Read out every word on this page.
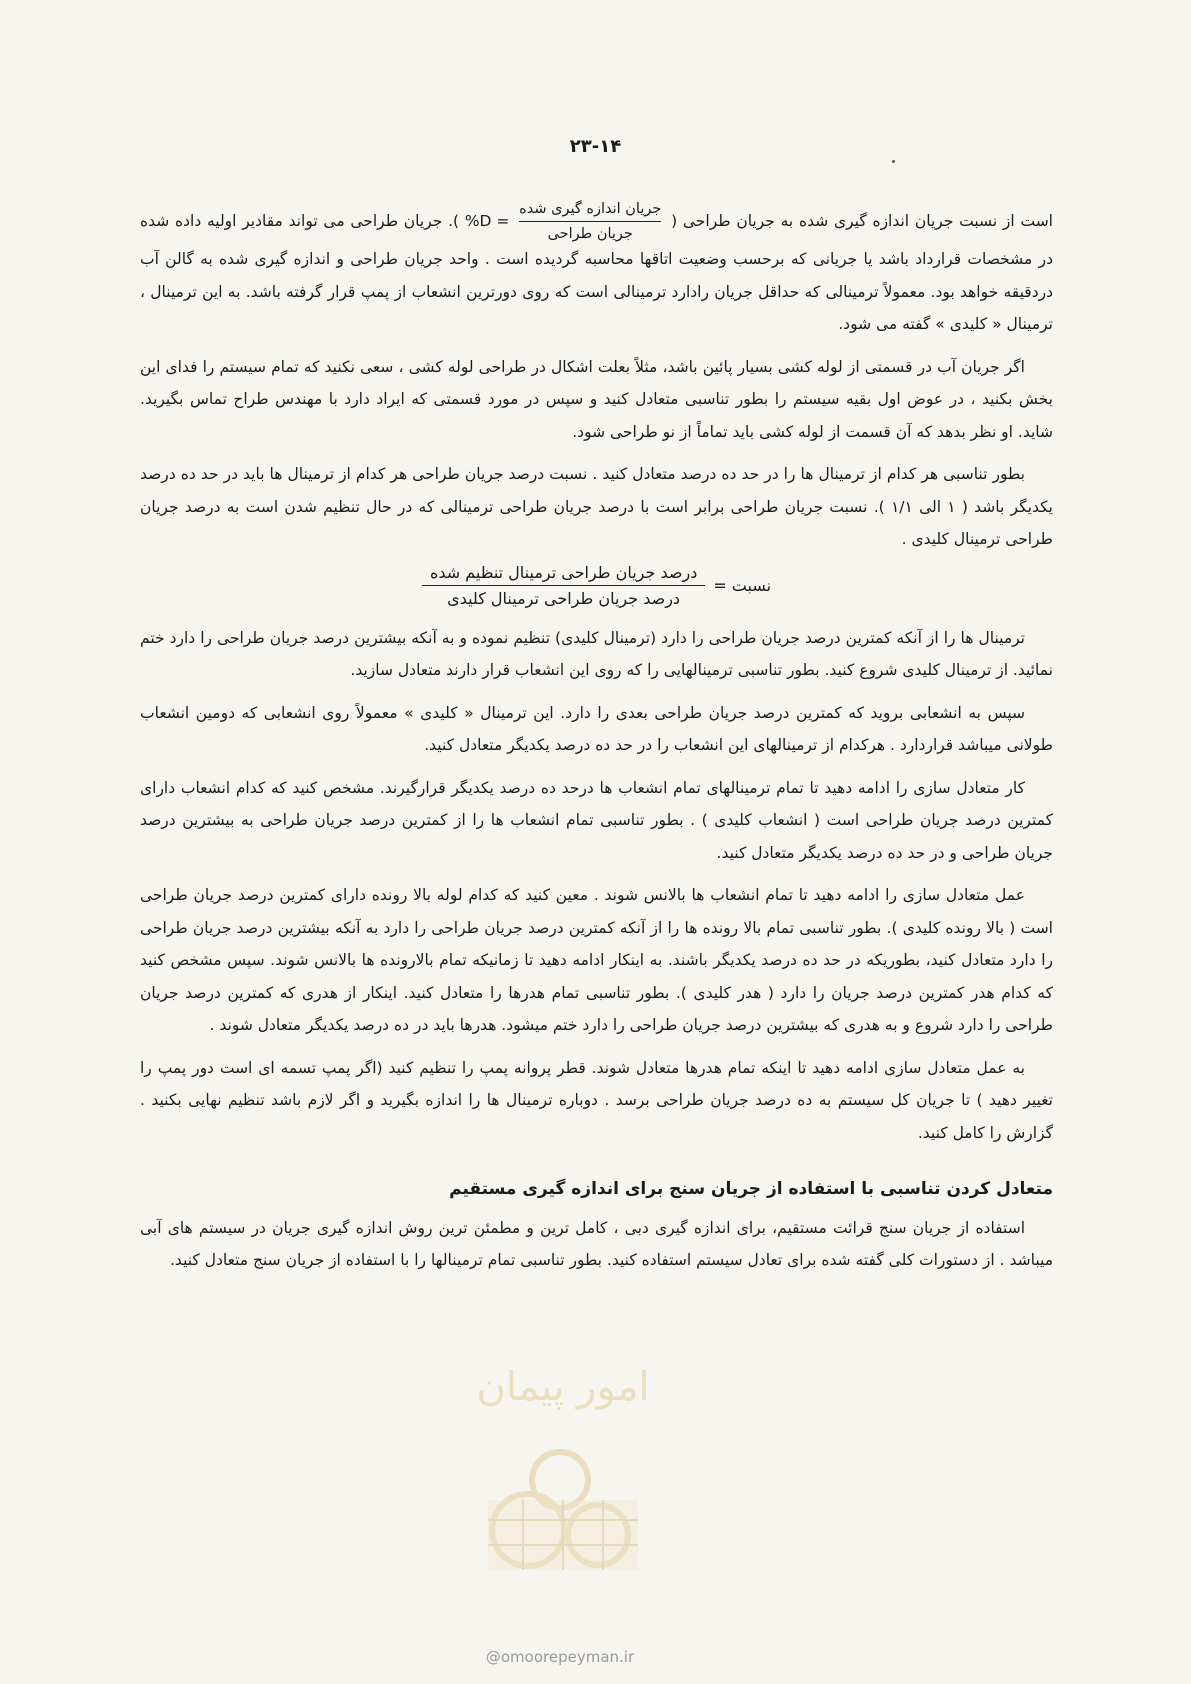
۲۳-۱۴

است از نسبت جریان اندازه گیری شده به جریان طراحی (
$\frac{\text{جریان اندازه گیری شده}}{\text{جریان طراحی}}$
%D = ). جریان طراحی می تواند مقادیر اولیه داده شده در مشخصات قرارداد باشد یا جریانی که برحسب وضعیت اتاقها محاسبه گردیده است . واحد جریان طراحی و اندازه گیری شده به گالن آب دردقیقه خواهد بود. معمولاً ترمینالی که حداقل جریان رادارد ترمینالی است که روی دورترین انشعاب از پمپ قرار گرفته باشد. به این ترمینال ، ترمینال « کلیدی » گفته می شود.

اگر جریان آب در قسمتی از لوله کشی بسیار پائین باشد، مثلاً بعلت اشکال در طراحی لوله کشی ، سعی نکنید که تمام سیستم را فدای این بخش بکنید ، در عوض اول بقیه سیستم را بطور تناسبی متعادل کنید و سپس در مورد قسمتی که ایراد دارد با مهندس طراح تماس بگیرید. شاید. او نظر بدهد که آن قسمت از لوله کشی باید تماماً از نو طراحی شود.

بطور تناسبی هر کدام از ترمینال ها را در حد ده درصد متعادل کنید . نسبت درصد جریان طراحی هر کدام از ترمینال ها باید در حد ده درصد یکدیگر باشد ( ۱ الی ۱/۱ ). نسبت جریان طراحی برابر است با درصد جریان طراحی ترمینالی که در حال تنظیم شدن است به درصد جریان طراحی ترمینال کلیدی .

نسبت =
$\frac{\text{درصد جریان طراحی ترمینال تنظیم شده}}{\text{درصد جریان طراحی ترمینال کلیدی}}$

ترمینال ها را از آنکه کمترین درصد جریان طراحی را دارد (ترمینال کلیدی) تنظیم نموده و به آنکه بیشترین درصد جریان طراحی را دارد ختم نمائید. از ترمینال کلیدی شروع کنید. بطور تناسبی ترمینالهایی را که روی این انشعاب قرار دارند متعادل سازید.

سپس به انشعابی بروید که کمترین درصد جریان طراحی بعدی را دارد. این ترمینال « کلیدی » معمولاً روی انشعابی که دومین انشعاب طولانی میباشد قراردارد . هرکدام از ترمینالهای این انشعاب را در حد ده درصد یکدیگر متعادل کنید.

کار متعادل سازی را ادامه دهید تا تمام ترمینالهای تمام انشعاب ها درحد ده درصد یکدیگر قرارگیرند. مشخص کنید که کدام انشعاب دارای کمترین درصد جریان طراحی است ( انشعاب کلیدی ) . بطور تناسبی تمام انشعاب ها را از کمترین درصد جریان طراحی به بیشترین درصد جریان طراحی و در حد ده درصد یکدیگر متعادل کنید.

عمل متعادل سازی را ادامه دهید تا تمام انشعاب ها بالانس شوند . معین کنید که کدام لوله بالا رونده دارای کمترین درصد جریان طراحی است ( بالا رونده کلیدی ). بطور تناسبی تمام بالا رونده ها را از آنکه کمترین درصد جریان طراحی را دارد به آنکه بیشترین درصد جریان طراحی را دارد متعادل کنید، بطوریکه در حد ده درصد یکدیگر باشند. به اینکار ادامه دهید تا زمانیکه تمام بالارونده ها بالانس شوند. سپس مشخص کنید که کدام هدر کمترین درصد جریان را دارد ( هدر کلیدی ). بطور تناسبی تمام هدرها را متعادل کنید. اینکار از هدری که کمترین درصد جریان طراحی را دارد شروع و به هدری که بیشترین درصد جریان طراحی را دارد ختم میشود. هدرها باید در ده درصد یکدیگر متعادل شوند .

به عمل متعادل سازی ادامه دهید تا اینکه تمام هدرها متعادل شوند. قطر پروانه پمپ را تنظیم کنید (اگر پمپ تسمه ای است دور پمپ را تغییر دهید ) تا جریان کل سیستم به ده درصد جریان طراحی برسد . دوباره ترمینال ها را اندازه بگیرید و اگر لازم باشد تنظیم نهایی بکنید . گزارش را کامل کنید.

متعادل کردن تناسبی با استفاده از جریان سنج برای اندازه گیری مستقیم

استفاده از جریان سنج قرائت مستقیم، برای اندازه گیری دبی ، کامل ترین و مطمئن ترین روش اندازه گیری جریان در سیستم های آبی میباشد . از دستورات کلی گفته شده برای تعادل سیستم استفاده کنید. بطور تناسبی تمام ترمینالها را با استفاده از جریان سنج متعادل کنید.

امور پیمان
@omoorepeyman.ir
